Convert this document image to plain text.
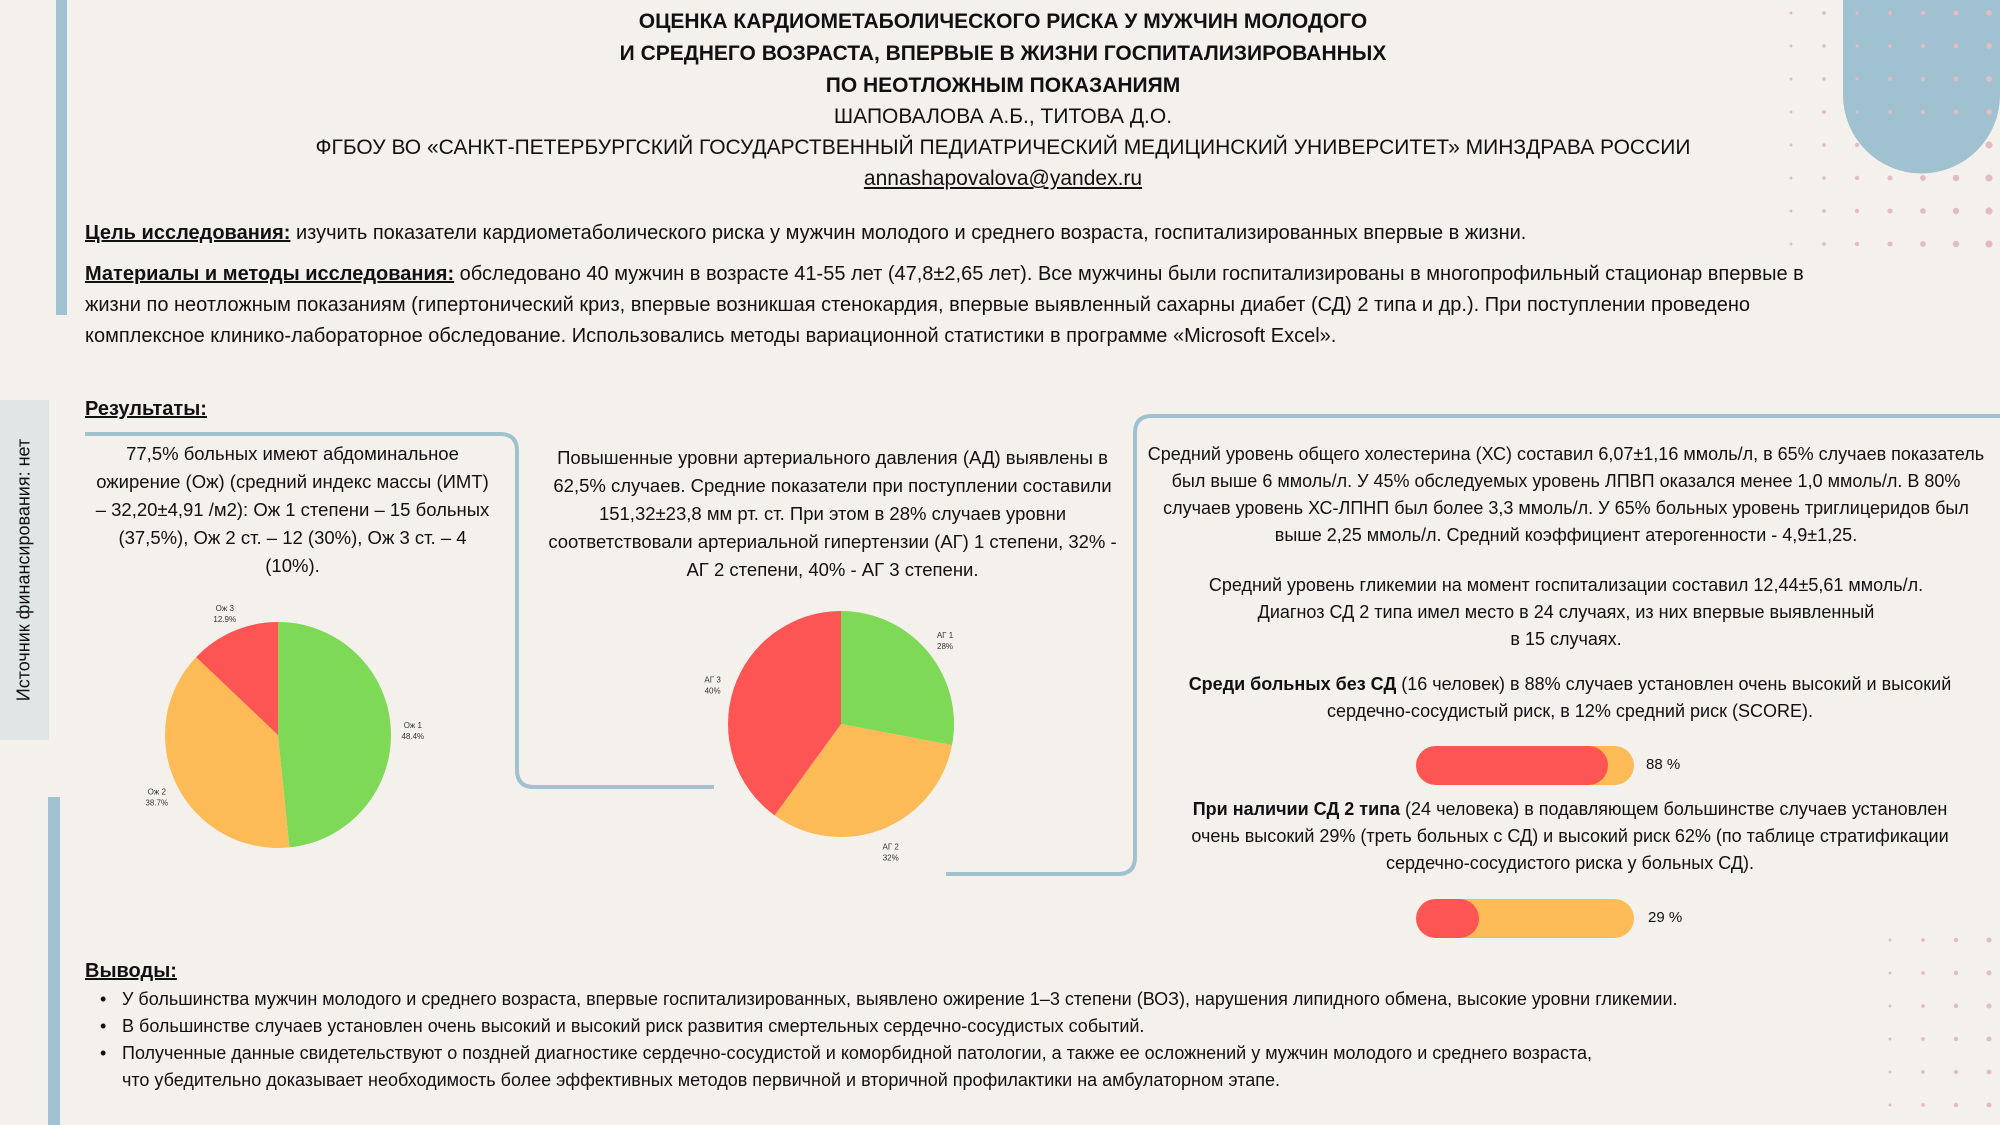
Источник финансирования: нет
ОЦЕНКА КАРДИОМЕТАБОЛИЧЕСКОГО РИСКА У МУЖЧИН МОЛОДОГО
И СРЕДНЕГО ВОЗРАСТА, ВПЕРВЫЕ В ЖИЗНИ ГОСПИТАЛИЗИРОВАННЫХ
ПО НЕОТЛОЖНЫМ ПОКАЗАНИЯМ
ШАПОВАЛОВА А.Б., ТИТОВА Д.О.
ФГБОУ ВО «САНКТ-ПЕТЕРБУРГСКИЙ ГОСУДАРСТВЕННЫЙ ПЕДИАТРИЧЕСКИЙ МЕДИЦИНСКИЙ УНИВЕРСИТЕТ» МИНЗДРАВА РОССИИ
annashapovalova@yandex.ru
Цель исследования: изучить показатели кардиометаболического риска у мужчин молодого и среднего возраста, госпитализированных впервые в жизни.
Материалы и методы исследования: обследовано 40 мужчин в возрасте 41-55 лет (47,8±2,65 лет). Все мужчины были госпитализированы в многопрофильный стационар впервые в жизни по неотложным показаниям (гипертонический криз, впервые возникшая стенокардия, впервые выявленный сахарны диабет (СД) 2 типа и др.). При поступлении проведено комплексное клинико-лабораторное обследование. Использовались методы вариационной статистики в программе «Microsoft Excel».
Результаты:
77,5% больных имеют абдоминальное ожирение (Ож) (средний индекс массы (ИМТ) – 32,20±4,91 /м2): Ож 1 степени – 15 больных (37,5%), Ож 2 ст. – 12 (30%), Ож 3 ст. – 4 (10%).
Повышенные уровни артериального давления (АД) выявлены в 62,5% случаев. Средние показатели при поступлении составили 151,32±23,8 мм рт. ст. При этом в 28% случаев уровни соответствовали артериальной гипертензии (АГ) 1 степени, 32% - АГ 2 степени, 40% - АГ 3 степени.
Ож 1
48.4%
Ож 2
38.7%
Ож 3
12.9%
АГ 1
28%
АГ 2
32%
АГ 3
40%
Средний уровень общего холестерина (ХС) составил 6,07±1,16 ммоль/л, в 65% случаев показатель был выше 6 ммоль/л. У 45% обследуемых уровень ЛПВП оказался менее 1,0 ммоль/л. В 80% случаев уровень ХС-ЛПНП был более 3,3 ммоль/л. У 65% больных уровень триглицеридов был выше 2,25 ммоль/л. Средний коэффициент атерогенности - 4,9±1,25.
Средний уровень гликемии на момент госпитализации составил 12,44±5,61 ммоль/л.
Диагноз СД 2 типа имел место в 24 случаях, из них впервые выявленный
в 15 случаях.
Среди больных без СД (16 человек) в 88% случаев установлен очень высокий и высокий сердечно-сосудистый риск, в 12% средний риск (SCORE).
88 %
При наличии СД 2 типа (24 человека) в подавляющем большинстве случаев установлен очень высокий 29% (треть больных с СД) и высокий риск 62% (по таблице стратификации сердечно-сосудистого риска у больных СД).
29 %
Выводы:
• У большинства мужчин молодого и среднего возраста, впервые госпитализированных, выявлено ожирение 1–3 степени (ВОЗ), нарушения липидного обмена, высокие уровни гликемии.
• В большинстве случаев установлен очень высокий и высокий риск развития смертельных сердечно-сосудистых событий.
• Полученные данные свидетельствуют о поздней диагностике сердечно-сосудистой и коморбидной патологии, а также ее осложнений у мужчин молодого и среднего возраста,
что убедительно доказывает необходимость более эффективных методов первичной и вторичной профилактики на амбулаторном этапе.
